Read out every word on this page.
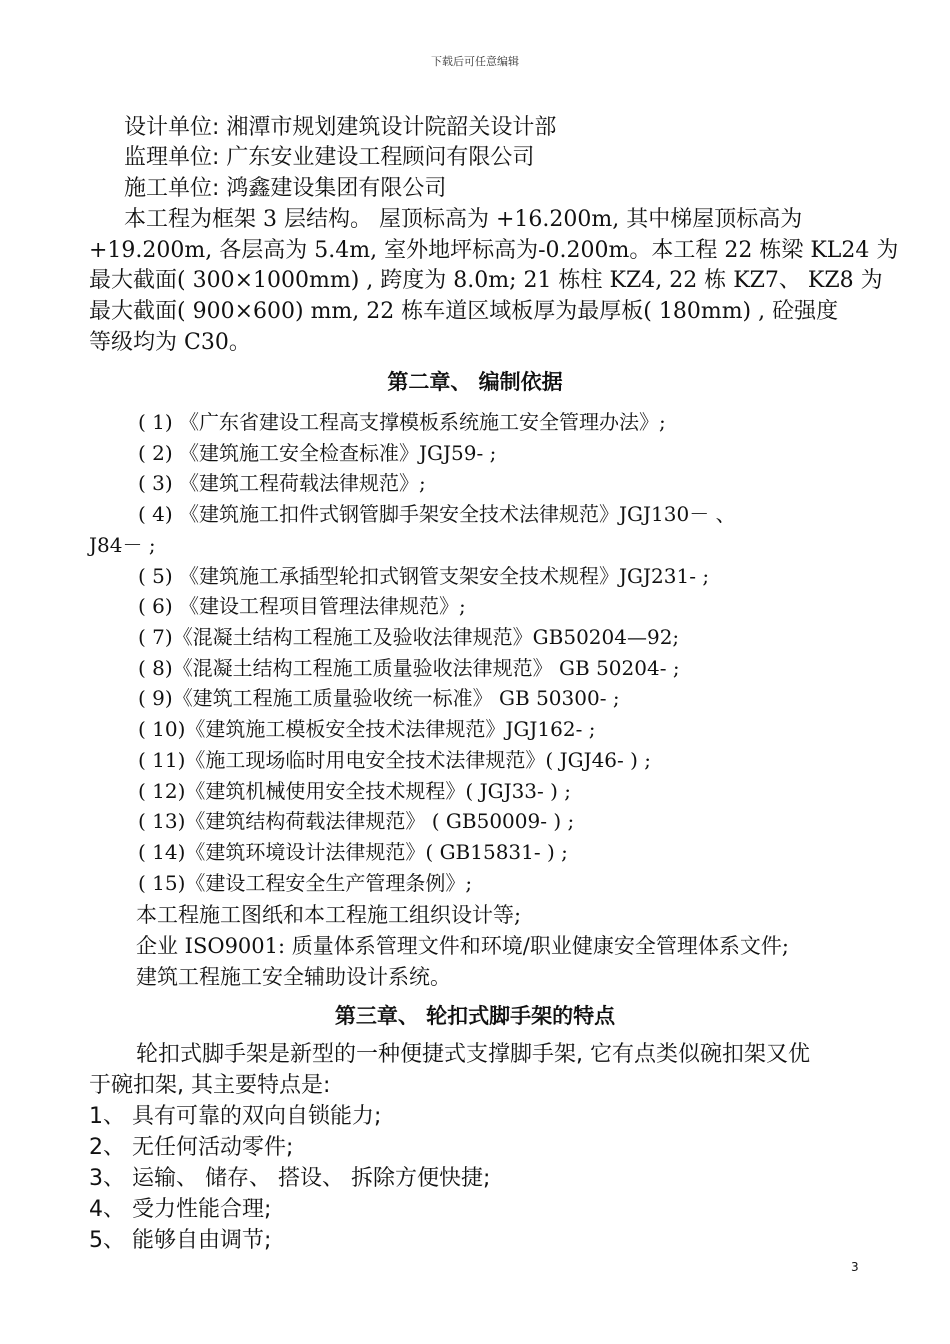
下载后可任意编辑
设计单位: 湘潭市规划建筑设计院韶关设计部
监理单位: 广东安业建设工程顾问有限公司
施工单位: 鸿鑫建设集团有限公司
本工程为框架 3 层结构。 屋顶标高为 +16.200m, 其中梯屋顶标高为
+19.200m, 各层高为 5.4m, 室外地坪标高为-0.200m。本工程 22 栋梁 KL24 为
最大截面( 300×1000mm) , 跨度为 8.0m; 21 栋柱 KZ4, 22 栋 KZ7、 KZ8 为
最大截面( 900×600) mm, 22 栋车道区域板厚为最厚板( 180mm) , 砼强度
等级均为 C30。
第二章、 编制依据
( 1) 《广东省建设工程高支撑模板系统施工安全管理办法》;
( 2) 《建筑施工安全检查标准》JGJ59- ;
( 3) 《建筑工程荷载法律规范》;
( 4) 《建筑施工扣件式钢管脚手架安全技术法律规范》JGJ130－ 、
J84－ ;
( 5) 《建筑施工承插型轮扣式钢管支架安全技术规程》JGJ231- ;
( 6) 《建设工程项目管理法律规范》;
( 7)《混凝土结构工程施工及验收法律规范》GB50204—92;
( 8)《混凝土结构工程施工质量验收法律规范》 GB 50204- ;
( 9)《建筑工程施工质量验收统一标准》 GB 50300- ;
( 10)《建筑施工模板安全技术法律规范》JGJ162- ;
( 11)《施工现场临时用电安全技术法律规范》( JGJ46- ) ;
( 12)《建筑机械使用安全技术规程》( JGJ33- ) ;
( 13)《建筑结构荷载法律规范》 ( GB50009- ) ;
( 14)《建筑环境设计法律规范》( GB15831- ) ;
( 15)《建设工程安全生产管理条例》;
本工程施工图纸和本工程施工组织设计等;
企业 ISO9001: 质量体系管理文件和环境/职业健康安全管理体系文件;
建筑工程施工安全辅助设计系统。
第三章、 轮扣式脚手架的特点
轮扣式脚手架是新型的一种便捷式支撑脚手架, 它有点类似碗扣架又优
于碗扣架, 其主要特点是:
1、 具有可靠的双向自锁能力;
2、 无任何活动零件;
3、 运输、 储存、 搭设、 拆除方便快捷;
4、 受力性能合理;
5、 能够自由调节;
3
